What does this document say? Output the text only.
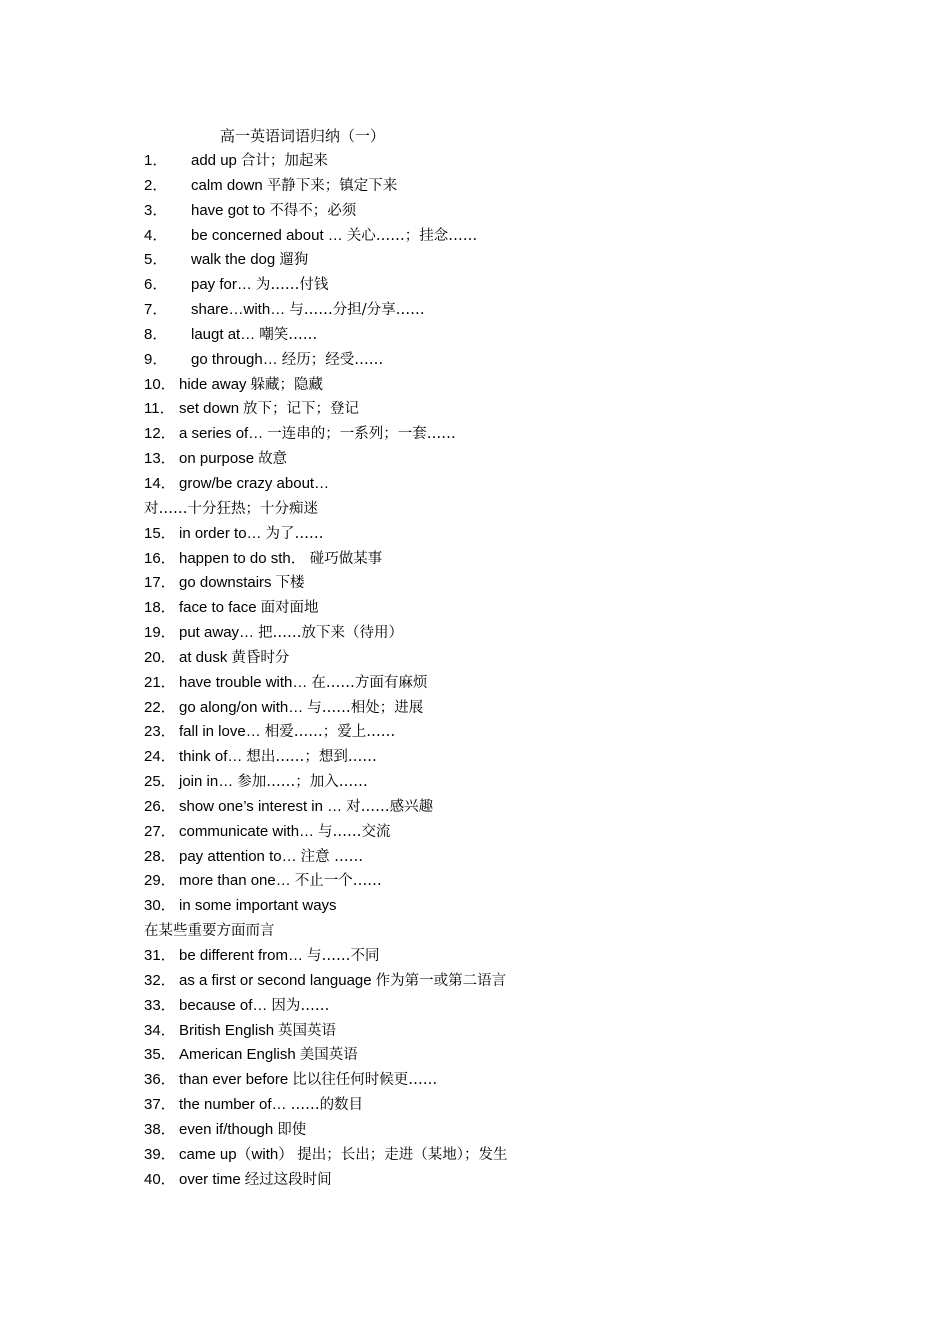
高一英语词语归纳（一）
1．	add up 合计；加起来
2．	calm down 平静下来；镇定下来
3．	have got to 不得不；必须
4．	be concerned about … 关心……；挂念……
5．	walk the dog 遛狗
6．	pay for… 为……付钱
7．	share…with… 与……分担/分享……
8．	laugt at… 嘲笑……
9．	go through… 经历；经受……
10． hide away 躲藏；隐藏
11． set down 放下；记下；登记
12． a series of… 一连串的；一系列；一套……
13． on purpose 故意
14． grow/be crazy about…
对……十分狂热；十分痴迷
15． in order to… 为了……
16． happen to do sth． 碰巧做某事
17． go downstairs 下楼
18． face to face 面对面地
19． put away… 把……放下来（待用）
20． at dusk 黄昏时分
21． have trouble with… 在……方面有麻烦
22． go along/on with… 与……相处；进展
23． fall in love… 相爱……；爱上……
24． think of… 想出……；想到……
25． join in… 参加……；加入……
26． show one’s interest in … 对……感兴趣
27． communicate with… 与……交流
28． pay attention to… 注意 ……
29． more than one… 不止一个……
30． in some important ways
在某些重要方面而言
31． be different from… 与……不同
32． as a first or second language 作为第一或第二语言
33． because of… 因为……
34． British English 英国英语
35． American English 美国英语
36． than ever before 比以往任何时候更……
37． the number of… ……的数目
38． even if/though 即使
39． came up（with） 提出；长出；走进（某地）；发生
40． over time 经过这段时间
